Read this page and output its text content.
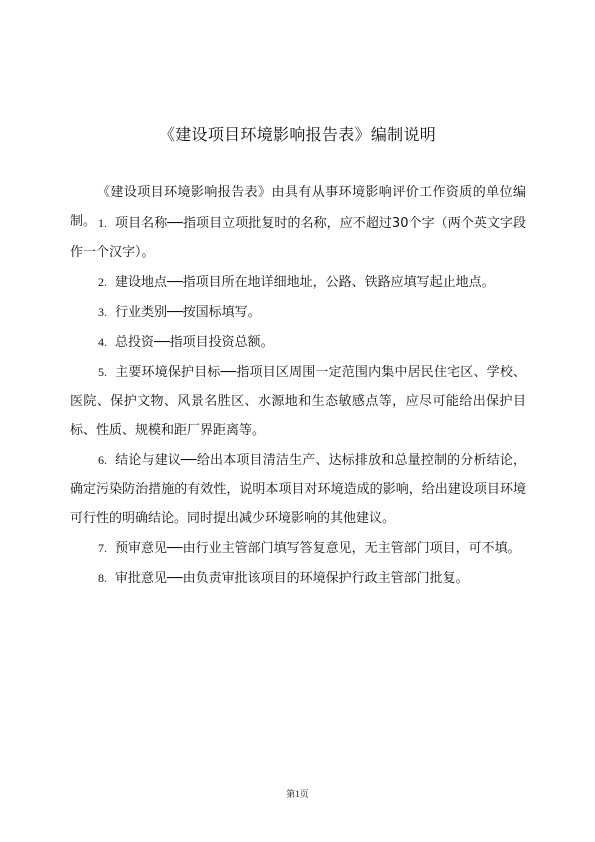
《建设项目环境影响报告表》编制说明
《建设项目环境影响报告表》由具有从事环境影响评价工作资质的单位编制。 1. 项目名称──指项目立项批复时的名称，应不超过30个字（两个英文字段作一个汉字）。
2. 建设地点──指项目所在地详细地址，公路、铁路应填写起止地点。
3. 行业类别──按国标填写。
4. 总投资──指项目投资总额。
5. 主要环境保护目标──指项目区周围一定范围内集中居民住宅区、学校、医院、保护文物、风景名胜区、水源地和生态敏感点等，应尽可能给出保护目标、性质、规模和距厂界距离等。
6. 结论与建议──给出本项目清洁生产、达标排放和总量控制的分析结论，确定污染防治措施的有效性，说明本项目对环境造成的影响，给出建设项目环境可行性的明确结论。同时提出减少环境影响的其他建议。
7. 预审意见──由行业主管部门填写答复意见，无主管部门项目，可不填。
8. 审批意见──由负责审批该项目的环境保护行政主管部门批复。
第1页
